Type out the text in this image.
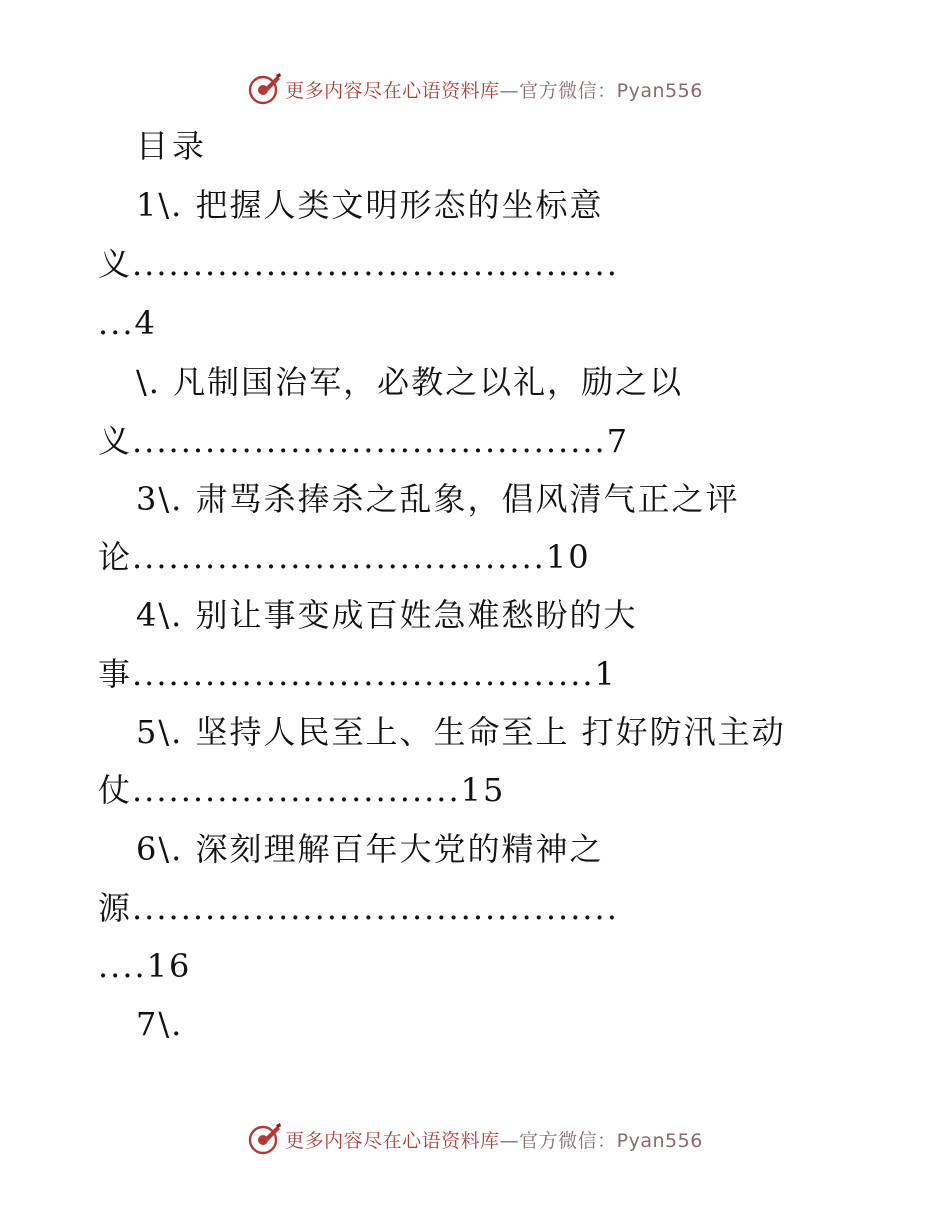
更多内容尽在心语资料库—官方微信：Pyan556
目录
1\. 把握人类文明形态的坐标意
义........................................
...4
\. 凡制国治军，必教之以礼，励之以
义.......................................7
3\. 肃骂杀捧杀之乱象，倡风清气正之评
论..................................10
4\. 别让事变成百姓急难愁盼的大
事......................................1
5\. 坚持人民至上、生命至上 打好防汛主动
仗...........................15
6\. 深刻理解百年大党的精神之
源........................................
....16
7\.
更多内容尽在心语资料库—官方微信：Pyan556
